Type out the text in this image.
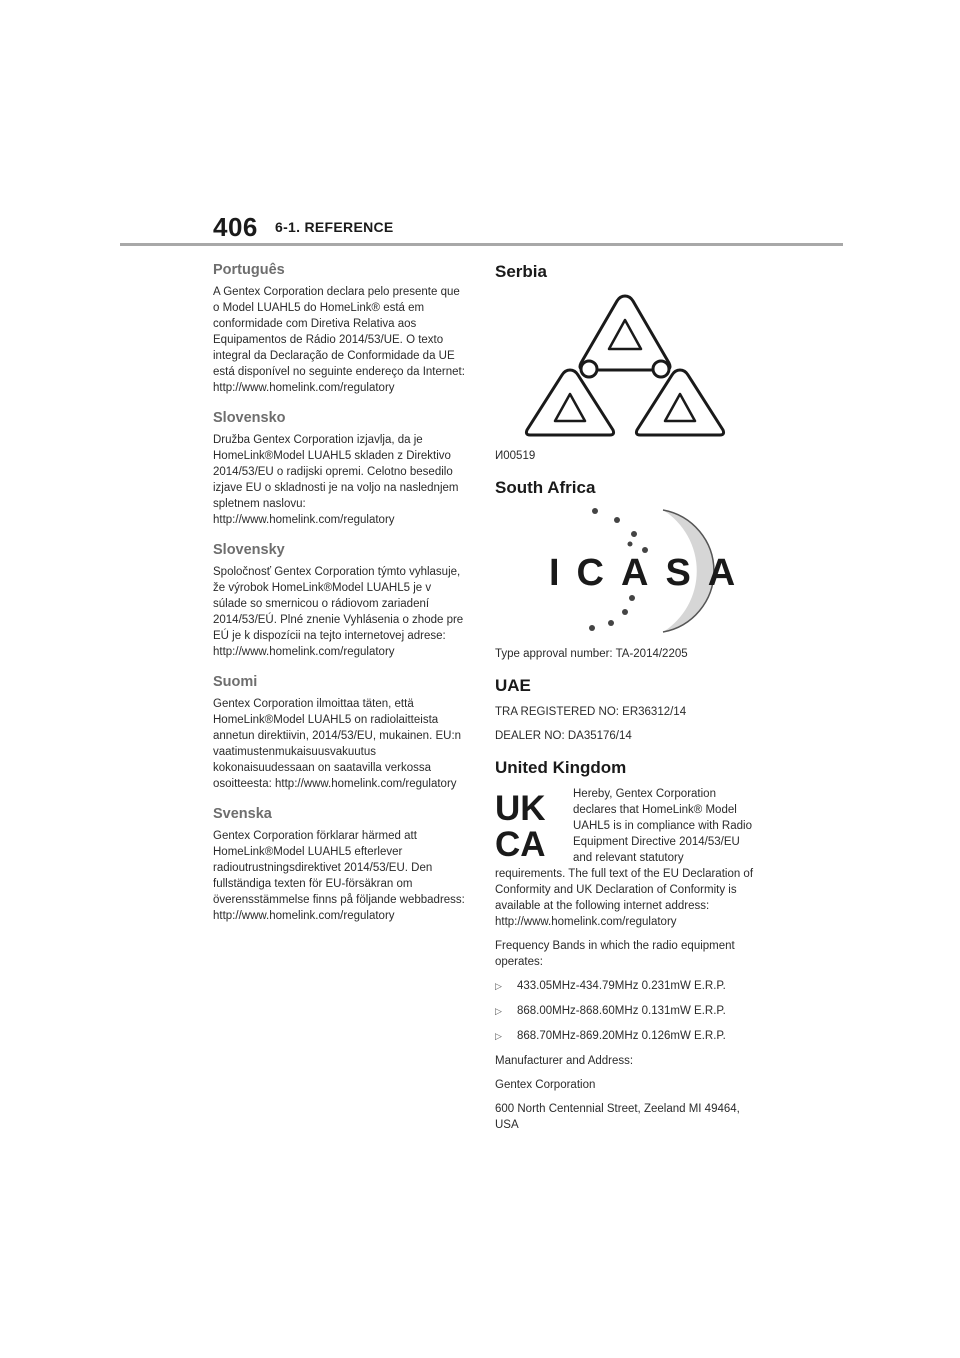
406 6-1. REFERENCE
Português

A Gentex Corporation declara pelo presente que o Model LUAHL5 do HomeLink® está em conformidade com Diretiva Relativa aos Equipamentos de Rádio 2014/53/UE. O texto integral da Declaração de Conformidade da UE está disponível no seguinte endereço da Internet: http://www.homelink.com/regulatory

Slovensko

Družba Gentex Corporation izjavlja, da je HomeLink®Model LUAHL5 skladen z Direktivo 2014/53/EU o radijski opremi. Celotno besedilo izjave EU o skladnosti je na voljo na naslednjem spletnem naslovu: http://www.homelink.com/regulatory

Slovensky

Spoločnosť Gentex Corporation týmto vyhlasuje, že výrobok HomeLink®Model LUAHL5 je v súlade so smernicou o rádiovom zariadení 2014/53/EÚ. Plné znenie Vyhlásenia o zhode pre EÚ je k dispozícii na tejto internetovej adrese: http://www.homelink.com/regulatory

Suomi

Gentex Corporation ilmoittaa täten, että HomeLink®Model LUAHL5 on radiolaitteista annetun direktiivin, 2014/53/EU, mukainen. EU:n vaatimustenmukaisuusvakuutus kokonaisuudessaan on saatavilla verkossa osoitteesta: http://www.homelink.com/regulatory

Svenska

Gentex Corporation förklarar härmed att HomeLink®Model LUAHL5 efterlever radioutrustningsdirektivet 2014/53/EU. Den fullständiga texten för EU-försäkran om överensstämmelse finns på följande webbadress: http://www.homelink.com/regulatory

Serbia

И00519

South Africa
ICASA

Type approval number: TA-2014/2205

UAE

TRA REGISTERED NO: ER36312/14

DEALER NO: DA35176/14

United Kingdom
UK
CA

Hereby, Gentex Corporation declares that HomeLink® Model UAHL5 is in compliance with Radio Equipment Directive 2014/53/EU and relevant statutory requirements. The full text of the EU Declaration of Conformity and UK Declaration of Conformity is available at the following internet address: http://www.homelink.com/regulatory

Frequency Bands in which the radio equipment operates:

▷ 433.05MHz-434.79MHz 0.231mW E.R.P.
▷ 868.00MHz-868.60MHz 0.131mW E.R.P.
▷ 868.70MHz-869.20MHz 0.126mW E.R.P.

Manufacturer and Address:

Gentex Corporation

600 North Centennial Street, Zeeland MI 49464, USA
